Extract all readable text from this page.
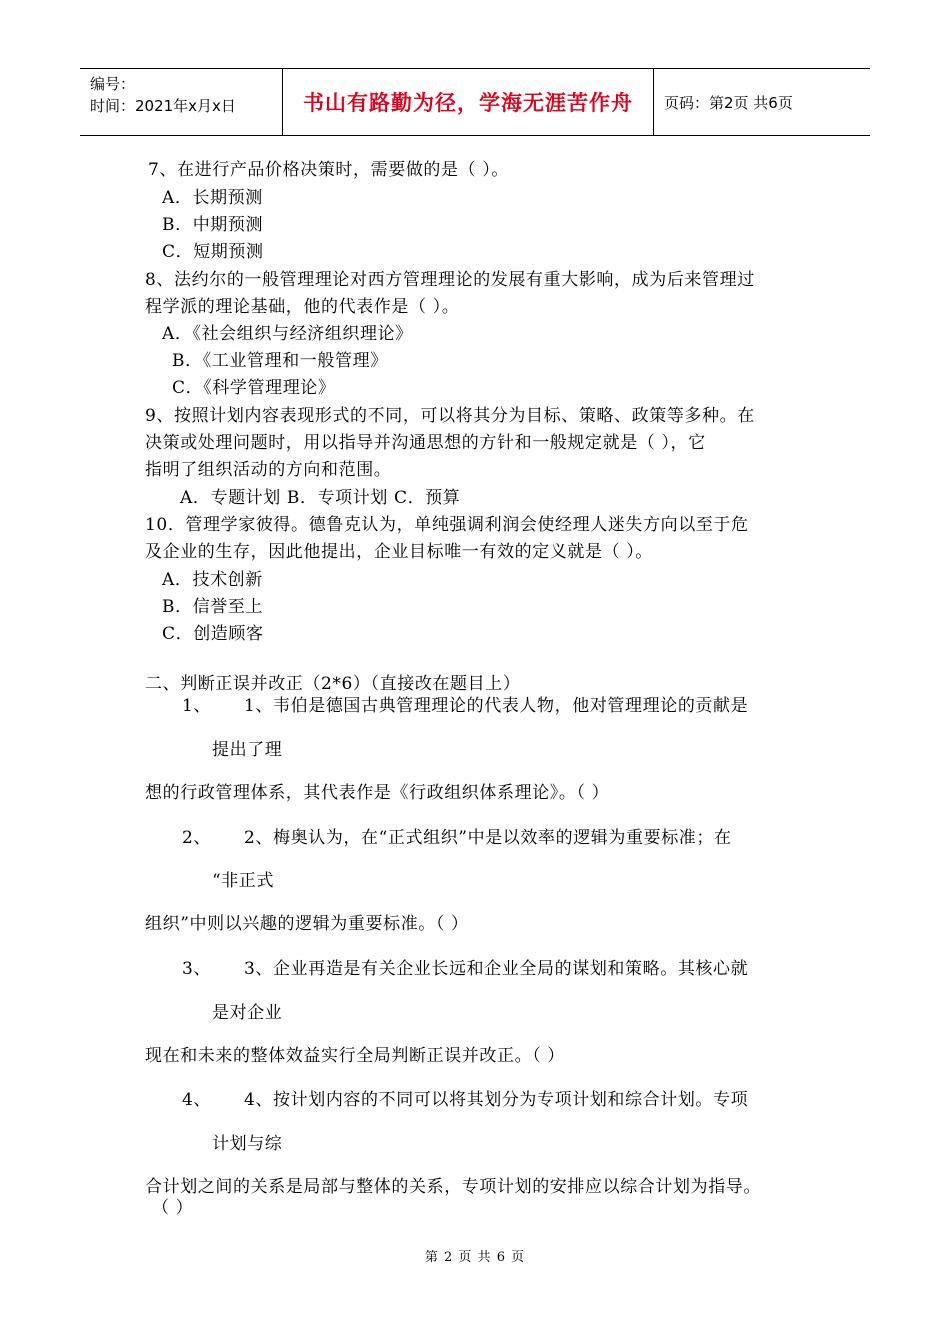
编号：
时间：2021年x月x日	书山有路勤为径，学海无涯苦作舟	页码：第2页 共6页
7、在进行产品价格决策时，需要做的是（ ）。
A．长期预测
B．中期预测
C．短期预测
8、法约尔的一般管理理论对西方管理理论的发展有重大影响，成为后来管理过
程学派的理论基础，他的代表作是（ ）。
A．《社会组织与经济组织理论》
B．《工业管理和一般管理》
C．《科学管理理论》
9、按照计划内容表现形式的不同，可以将其分为目标、策略、政策等多种。在
决策或处理问题时，用以指导并沟通思想的方针和一般规定就是（ ），它
指明了组织活动的方向和范围。
A．专题计划 B．专项计划 C．预算
10．管理学家彼得。德鲁克认为，单纯强调利润会使经理人迷失方向以至于危
及企业的生存，因此他提出，企业目标唯一有效的定义就是（ ）。
A．技术创新
B．信誉至上
C．创造顾客
二、判断正误并改正（2*6）（直接改在题目上）
1、 1、韦伯是德国古典管理理论的代表人物，他对管理理论的贡献是
提出了理
想的行政管理体系，其代表作是《行政组织体系理论》。（ ）
2、 2、梅奥认为，在“正式组织”中是以效率的逻辑为重要标准；在
“非正式
组织”中则以兴趣的逻辑为重要标准。（ ）
3、 3、企业再造是有关企业长远和企业全局的谋划和策略。其核心就
是对企业
现在和未来的整体效益实行全局判断正误并改正。（ ）
4、 4、按计划内容的不同可以将其划分为专项计划和综合计划。专项
计划与综
合计划之间的关系是局部与整体的关系，专项计划的安排应以综合计划为指导。
（ ）
第 2 页 共 6 页
